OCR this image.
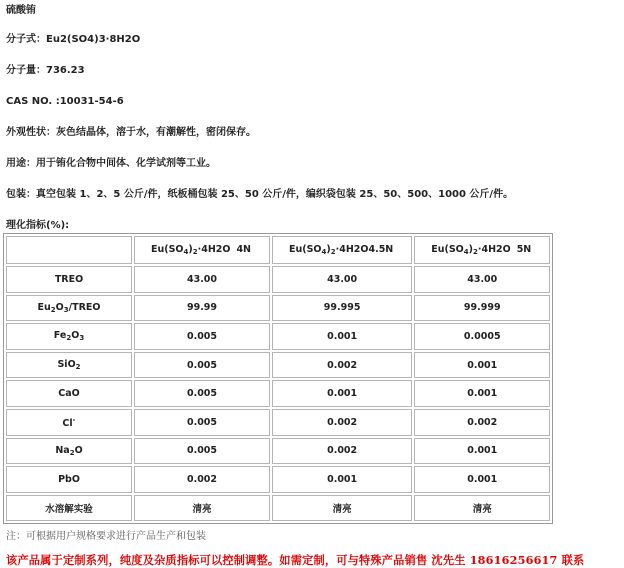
硫酸铕
分子式：Eu2(SO4)3·8H2O
分子量：736.23
CAS NO. :10031-54-6
外观性状：灰色结晶体，溶于水，有潮解性，密闭保存。
用途：用于铕化合物中间体、化学试剂等工业。
包装：真空包装 1、2、5 公斤/件，纸板桶包装 25、50 公斤/件，编织袋包装 25、50、500、1000 公斤/件。
理化指标(%):

	$Eu(SO_4)_2\cdot 4H2O$ 4N	$Eu(SO_4)_2\cdot 4H2O$ 4.5N	$Eu(SO_4)_2\cdot 4H2O$ 5N

TREO	43.00	43.00	43.00
$Eu_2O_3$/TREO	99.99	99.995	99.999
$Fe_2O_3$	0.005	0.001	0.0005
SiO$_2$	0.005	0.002	0.001
CaO	0.005	0.001	0.001
Cl-	0.005	0.002	0.002
$Na_2O$	0.005	0.002	0.001
PbO	0.002	0.001	0.001
水溶解实验	清亮	清亮	清亮
注：可根据用户规格要求进行产品生产和包装
该产品属于定制系列，纯度及杂质指标可以控制调整。如需定制，可与特殊产品销售 沈先生 18616256617 联系
